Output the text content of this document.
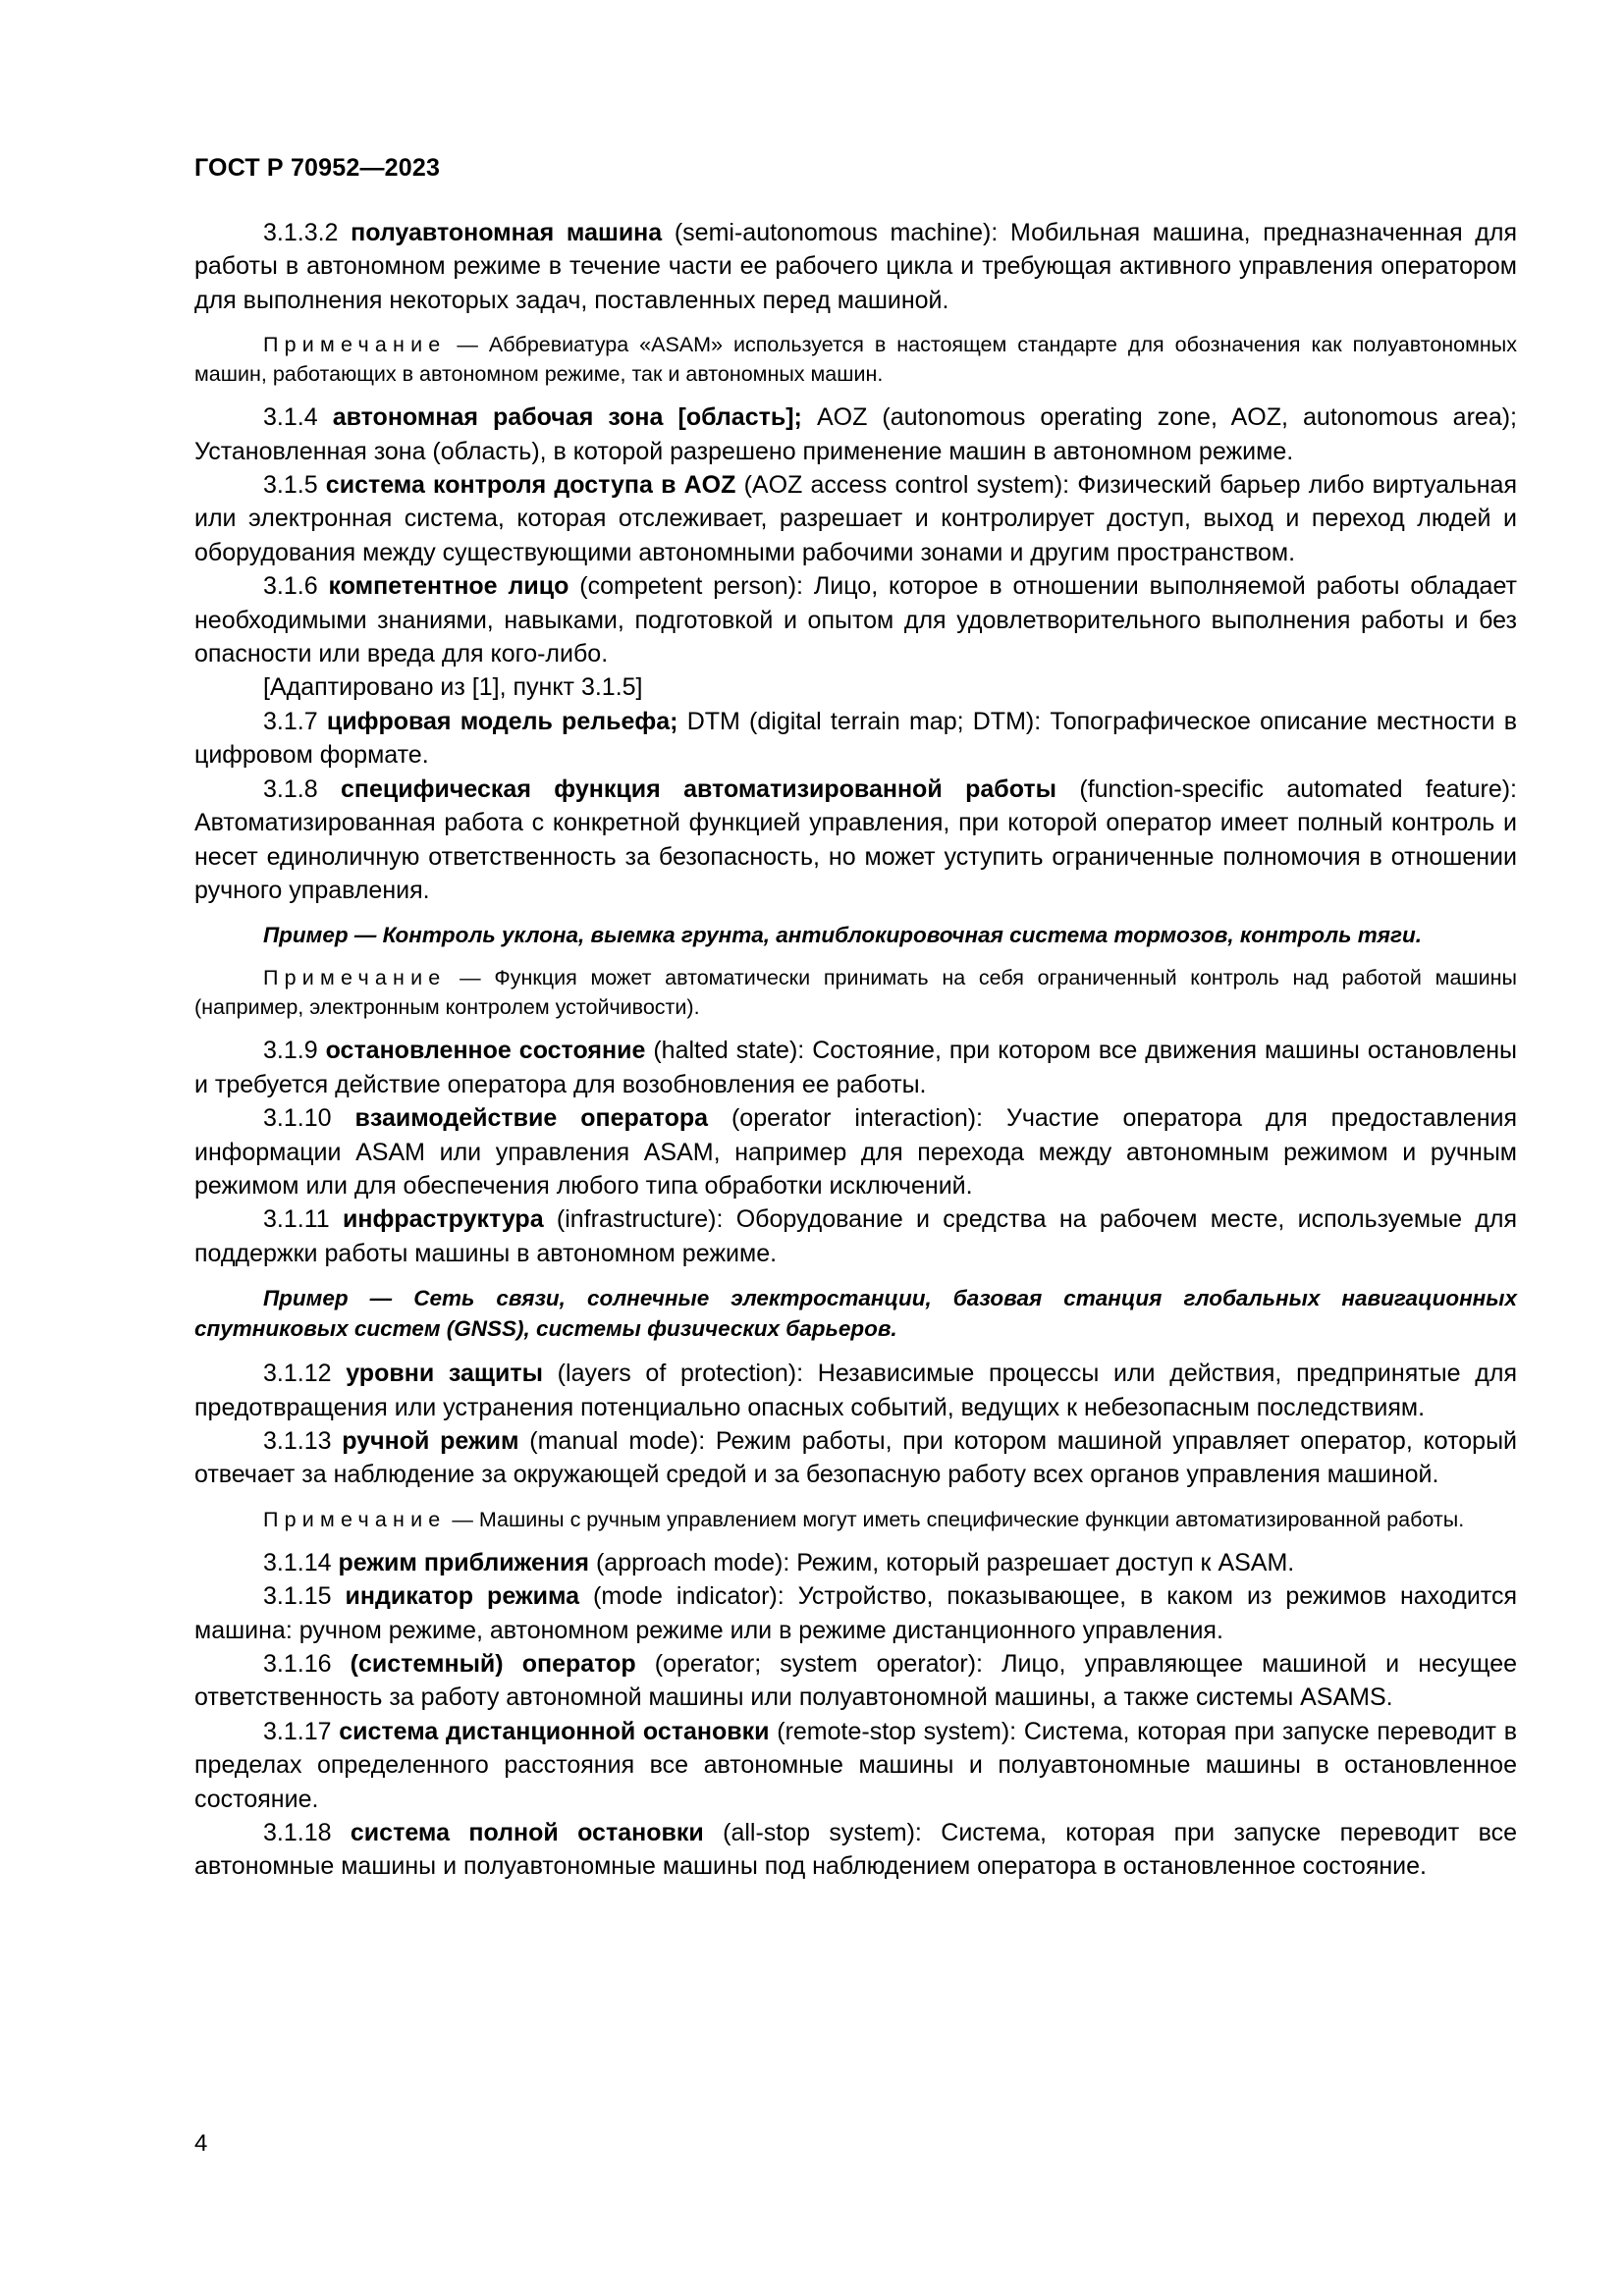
ГОСТ Р 70952—2023

3.1.3.2 полуавтономная машина (semi-autonomous machine): Мобильная машина, предназначенная для работы в автономном режиме в течение части ее рабочего цикла и требующая активного управления оператором для выполнения некоторых задач, поставленных перед машиной.

Примечание — Аббревиатура «ASAM» используется в настоящем стандарте для обозначения как полуавтономных машин, работающих в автономном режиме, так и автономных машин.

3.1.4 автономная рабочая зона [область]; AOZ (autonomous operating zone, AOZ, autonomous area); Установленная зона (область), в которой разрешено применение машин в автономном режиме.

3.1.5 система контроля доступа в AOZ (AOZ access control system): Физический барьер либо виртуальная или электронная система, которая отслеживает, разрешает и контролирует доступ, выход и переход людей и оборудования между существующими автономными рабочими зонами и другим пространством.

3.1.6 компетентное лицо (competent person): Лицо, которое в отношении выполняемой работы обладает необходимыми знаниями, навыками, подготовкой и опытом для удовлетворительного выполнения работы и без опасности или вреда для кого-либо.

[Адаптировано из [1], пункт 3.1.5]

3.1.7 цифровая модель рельефа; DTM (digital terrain map; DTM): Топографическое описание местности в цифровом формате.

3.1.8 специфическая функция автоматизированной работы (function-specific automated feature): Автоматизированная работа с конкретной функцией управления, при которой оператор имеет полный контроль и несет единоличную ответственность за безопасность, но может уступить ограниченные полномочия в отношении ручного управления.

Пример — Контроль уклона, выемка грунта, антиблокировочная система тормозов, контроль тяги.

Примечание — Функция может автоматически принимать на себя ограниченный контроль над работой машины (например, электронным контролем устойчивости).

3.1.9 остановленное состояние (halted state): Состояние, при котором все движения машины остановлены и требуется действие оператора для возобновления ее работы.

3.1.10 взаимодействие оператора (operator interaction): Участие оператора для предоставления информации ASAM или управления ASAM, например для перехода между автономным режимом и ручным режимом или для обеспечения любого типа обработки исключений.

3.1.11 инфраструктура (infrastructure): Оборудование и средства на рабочем месте, используемые для поддержки работы машины в автономном режиме.

Пример — Сеть связи, солнечные электростанции, базовая станция глобальных навигационных спутниковых систем (GNSS), системы физических барьеров.

3.1.12 уровни защиты (layers of protection): Независимые процессы или действия, предпринятые для предотвращения или устранения потенциально опасных событий, ведущих к небезопасным последствиям.

3.1.13 ручной режим (manual mode): Режим работы, при котором машиной управляет оператор, который отвечает за наблюдение за окружающей средой и за безопасную работу всех органов управления машиной.

Примечание — Машины с ручным управлением могут иметь специфические функции автоматизированной работы.

3.1.14 режим приближения (approach mode): Режим, который разрешает доступ к ASAM.

3.1.15 индикатор режима (mode indicator): Устройство, показывающее, в каком из режимов находится машина: ручном режиме, автономном режиме или в режиме дистанционного управления.

3.1.16 (системный) оператор (operator; system operator): Лицо, управляющее машиной и несущее ответственность за работу автономной машины или полуавтономной машины, а также системы ASAMS.

3.1.17 система дистанционной остановки (remote-stop system): Система, которая при запуске переводит в пределах определенного расстояния все автономные машины и полуавтономные машины в остановленное состояние.

3.1.18 система полной остановки (all-stop system): Система, которая при запуске переводит все автономные машины и полуавтономные машины под наблюдением оператора в остановленное состояние.

4
